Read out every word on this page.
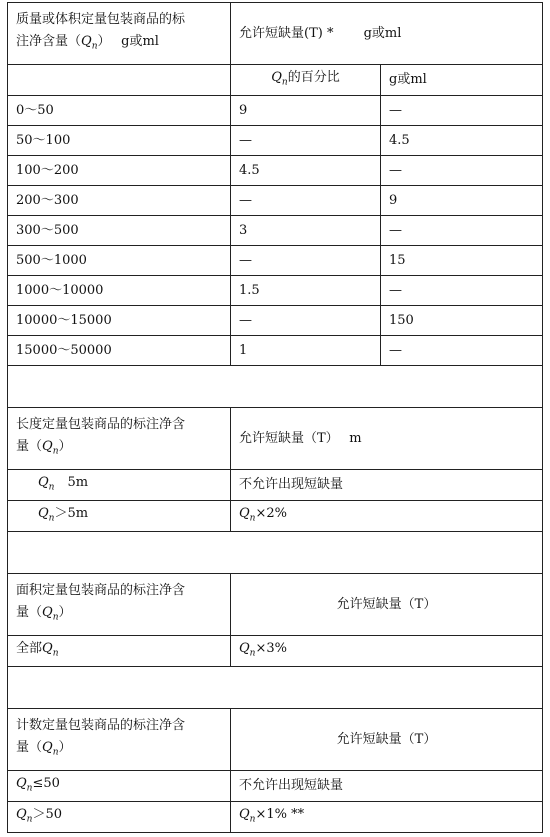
质量或体积定量包装商品的标
注净含量$(Q_n)$　 g或ml	允许短缺量(T) *　　 g或ml	
	$Q_n$的百分比	g或ml
0～50	9	—
50～100	—	4.5
100～200	4.5	—
200～300	—	9
300～500	3	—
500～1000	—	15
1000～10000	1.5	—
10000～15000	—	150
15000～50000	1	—

长度定量包装商品的标注净含
量$(Q_n)$	允许短缺量（T）　 m	
$Q_n$　5m	不允许出现短缺量	
$Q_n>5m$	$Q_n\times 2\%$	

面积定量包装商品的标注净含
量$(Q_n)$	允许短缺量（T）	
全部$Q_n$	$Q_n\times 3\%$	

计数定量包装商品的标注净含
量$(Q_n)$	允许短缺量（T）	
$Q_n\le 50$	不允许出现短缺量	
$Q_n>50$	$Q_n\times 1\%$ **	
